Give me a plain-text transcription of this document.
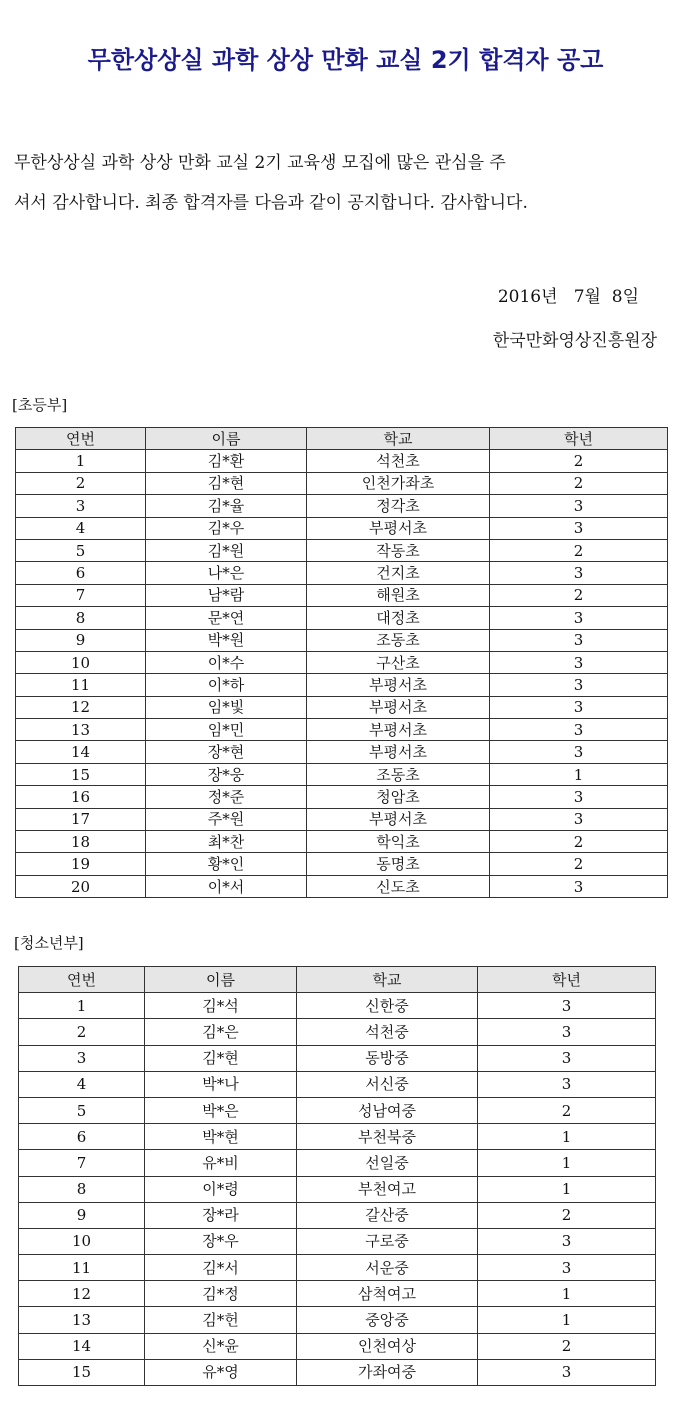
무한상상실 과학 상상 만화 교실 2기 합격자 공고

무한상상실 과학 상상 만화 교실 2기 교육생 모집에 많은 관심을 주

셔서 감사합니다. 최종 합격자를 다음과 같이 공지합니다. 감사합니다.

2016년   7월  8일

한국만화영상진흥원장

[초등부]

연번	이름	학교	학년
1	김*환	석천초	2
2	김*현	인천가좌초	2
3	김*율	정각초	3
4	김*우	부평서초	3
5	김*원	작동초	2
6	나*은	건지초	3
7	남*람	해원초	2
8	문*연	대정초	3
9	박*원	조동초	3
10	이*수	구산초	3
11	이*하	부평서초	3
12	임*빛	부평서초	3
13	임*민	부평서초	3
14	장*현	부평서초	3
15	장*웅	조동초	1
16	정*준	청암초	3
17	주*원	부평서초	3
18	최*찬	학익초	2
19	황*인	동명초	2
20	이*서	신도초	3

[청소년부]

연번	이름	학교	학년
1	김*석	신한중	3
2	김*은	석천중	3
3	김*현	동방중	3
4	박*나	서신중	3
5	박*은	성남여중	2
6	박*현	부천북중	1
7	유*비	선일중	1
8	이*령	부천여고	1
9	장*라	갈산중	2
10	장*우	구로중	3
11	김*서	서운중	3
12	김*정	삼척여고	1
13	김*헌	중앙중	1
14	신*윤	인천여상	2
15	유*영	가좌여중	3
